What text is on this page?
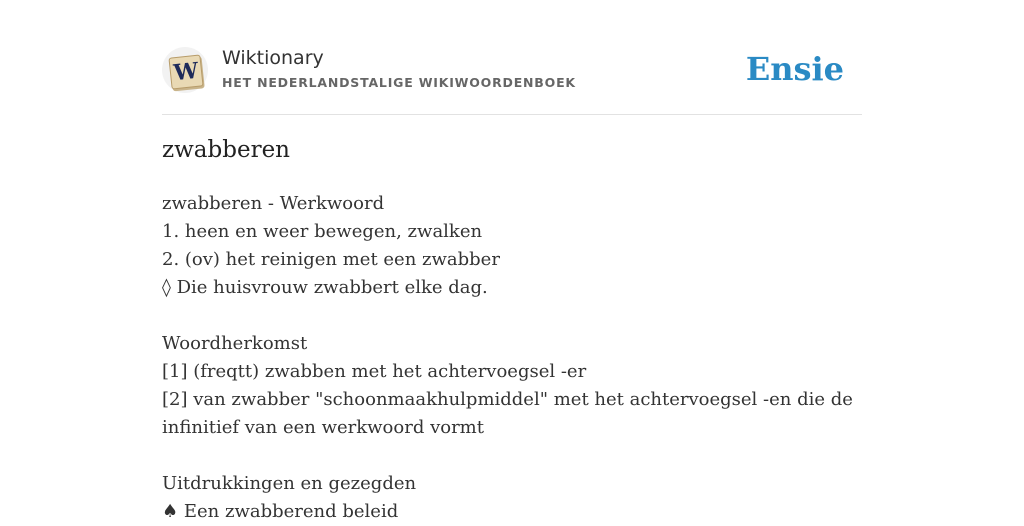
W Wiktionary
HET NEDERLANDSTALIGE WIKIWOORDENBOEK	Ensie
zwabberen
zwabberen - Werkwoord
1. heen en weer bewegen, zwalken
2. (ov) het reinigen met een zwabber
◊ Die huisvrouw zwabbert elke dag.
Woordherkomst
[1] (freqtt) zwabben met het achtervoegsel -er
[2] van zwabber "schoonmaakhulpmiddel" met het achtervoegsel -en die de infinitief van een werkwoord vormt
Uitdrukkingen en gezegden
♠ Een zwabberend beleid
